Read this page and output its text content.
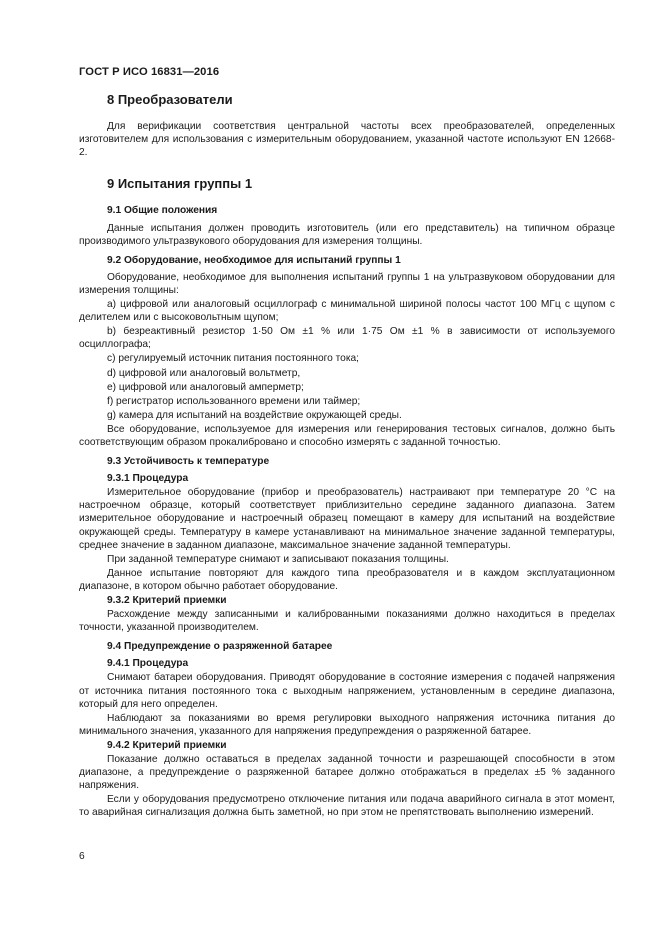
ГОСТ Р ИСО 16831—2016
8 Преобразователи
Для верификации соответствия центральной частоты всех преобразователей, определенных изготовителем для использования с измерительным оборудованием, указанной частоте используют EN 12668-2.
9 Испытания группы 1
9.1 Общие положения
Данные испытания должен проводить изготовитель (или его представитель) на типичном образце производимого ультразвукового оборудования для измерения толщины.
9.2 Оборудование, необходимое для испытаний группы 1
Оборудование, необходимое для выполнения испытаний группы 1 на ультразвуковом оборудовании для измерения толщины:
а) цифровой или аналоговый осциллограф с минимальной шириной полосы частот 100 МГц с щупом с делителем или с высоковольтным щупом;
b) безреактивный резистор 1·50 Ом ±1 % или 1·75 Ом ±1 % в зависимости от используемого осциллографа;
с) регулируемый источник питания постоянного тока;
d) цифровой или аналоговый вольтметр,
е) цифровой или аналоговый амперметр;
f) регистратор использованного времени или таймер;
g) камера для испытаний на воздействие окружающей среды.
Все оборудование, используемое для измерения или генерирования тестовых сигналов, должно быть соответствующим образом прокалибровано и способно измерять с заданной точностью.
9.3 Устойчивость к температуре
9.3.1 Процедура
Измерительное оборудование (прибор и преобразователь) настраивают при температуре 20 °С на настроечном образце, который соответствует приблизительно середине заданного диапазона. Затем измерительное оборудование и настроечный образец помещают в камеру для испытаний на воздействие окружающей среды. Температуру в камере устанавливают на минимальное значение заданной температуры, среднее значение в заданном диапазоне, максимальное значение заданной температуры.
При заданной температуре снимают и записывают показания толщины.
Данное испытание повторяют для каждого типа преобразователя и в каждом эксплуатационном диапазоне, в котором обычно работает оборудование.
9.3.2 Критерий приемки
Расхождение между записанными и калиброванными показаниями должно находиться в пределах точности, указанной производителем.
9.4 Предупреждение о разряженной батарее
9.4.1 Процедура
Снимают батареи оборудования. Приводят оборудование в состояние измерения с подачей напряжения от источника питания постоянного тока с выходным напряжением, установленным в середине диапазона, который для него определен.
Наблюдают за показаниями во время регулировки выходного напряжения источника питания до минимального значения, указанного для напряжения предупреждения о разряженной батарее.
9.4.2 Критерий приемки
Показание должно оставаться в пределах заданной точности и разрешающей способности в этом диапазоне, а предупреждение о разряженной батарее должно отображаться в пределах ±5 % заданного напряжения.
Если у оборудования предусмотрено отключение питания или подача аварийного сигнала в этот момент, то аварийная сигнализация должна быть заметной, но при этом не препятствовать выполнению измерений.
6
